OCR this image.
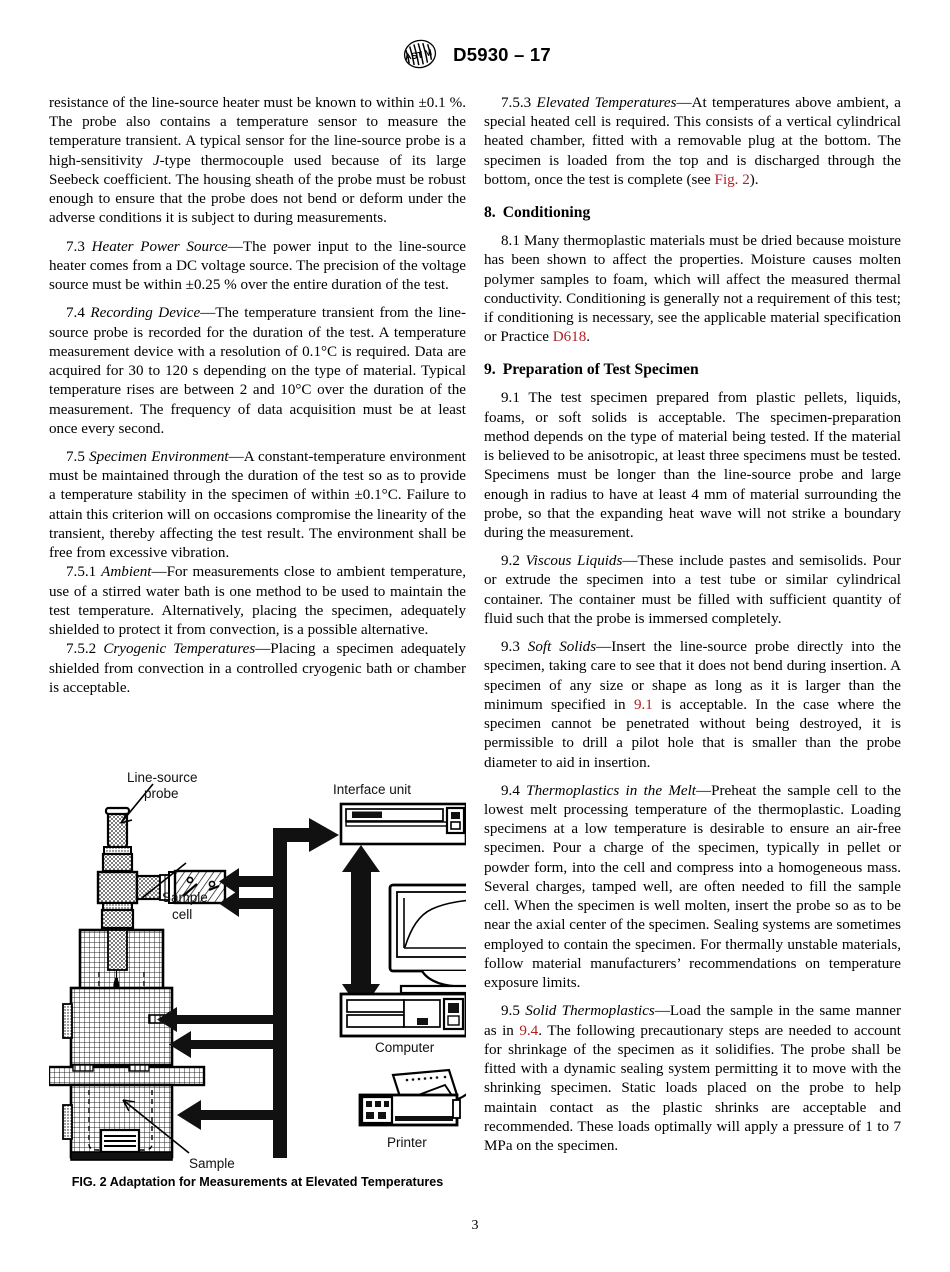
A
S
T M D5930 – 17

resistance of the line-source heater must be known to within ±0.1 %. The probe also contains a temperature sensor to measure the temperature transient. A typical sensor for the line-source probe is a high-sensitivity J-type thermocouple used because of its large Seebeck coefficient. The housing sheath of the probe must be robust enough to ensure that the probe does not bend or deform under the adverse conditions it is subject to during measurements.

7.3 Heater Power Source—The power input to the line-source heater comes from a DC voltage source. The precision of the voltage source must be within ±0.25 % over the entire duration of the test.

7.4 Recording Device—The temperature transient from the line-source probe is recorded for the duration of the test. A temperature measurement device with a resolution of 0.1°C is required. Data are acquired for 30 to 120 s depending on the type of material. Typical temperature rises are between 2 and 10°C over the duration of the measurement. The frequency of data acquisition must be at least once every second.

7.5 Specimen Environment—A constant-temperature environment must be maintained through the duration of the test so as to provide a temperature stability in the specimen of within ±0.1°C. Failure to attain this criterion will on occasions compromise the linearity of the transient, thereby affecting the test result. The environment shall be free from excessive vibration.

7.5.1 Ambient—For measurements close to ambient temperature, use of a stirred water bath is one method to be used to maintain the test temperature. Alternatively, placing the specimen, adequately shielded to protect it from convection, is a possible alternative.

7.5.2 Cryogenic Temperatures—Placing a specimen adequately shielded from convection in a controlled cryogenic bath or chamber is acceptable.

7.5.3 Elevated Temperatures—At temperatures above ambient, a special heated cell is required. This consists of a vertical cylindrical heated chamber, fitted with a removable plug at the bottom. The specimen is loaded from the top and is discharged through the bottom, once the test is complete (see Fig. 2).

8. Conditioning

8.1 Many thermoplastic materials must be dried because moisture has been shown to affect the properties. Moisture causes molten polymer samples to foam, which will affect the measured thermal conductivity. Conditioning is generally not a requirement of this test; if conditioning is necessary, see the applicable material specification or Practice D618.

9. Preparation of Test Specimen

9.1 The test specimen prepared from plastic pellets, liquids, foams, or soft solids is acceptable. The specimen-preparation method depends on the type of material being tested. If the material is believed to be anisotropic, at least three specimens must be tested. Specimens must be longer than the line-source probe and large enough in radius to have at least 4 mm of material surrounding the probe, so that the expanding heat wave will not strike a boundary during the measurement.

9.2 Viscous Liquids—These include pastes and semisolids. Pour or extrude the specimen into a test tube or similar cylindrical container. The container must be filled with sufficient quantity of fluid such that the probe is immersed completely.

9.3 Soft Solids—Insert the line-source probe directly into the specimen, taking care to see that it does not bend during insertion. A specimen of any size or shape as long as it is larger than the minimum specified in 9.1 is acceptable. In the case where the specimen cannot be penetrated without being destroyed, it is permissible to drill a pilot hole that is smaller than the probe diameter to aid in insertion.

9.4 Thermoplastics in the Melt—Preheat the sample cell to the lowest melt processing temperature of the thermoplastic. Loading specimens at a low temperature is desirable to ensure an air-free specimen. Pour a charge of the specimen, typically in pellet or powder form, into the cell and compress into a homogeneous mass. Several charges, tamped well, are often needed to fill the sample cell. When the specimen is well molten, insert the probe so as to be near the axial center of the specimen. Sealing systems are sometimes employed to contain the specimen. For thermally unstable materials, follow material manufacturers’ recommendations on temperature exposure limits.

9.5 Solid Thermoplastics—Load the sample in the same manner as in 9.4. The following precautionary steps are needed to account for shrinkage of the specimen as it solidifies. The probe shall be fitted with a dynamic sealing system permitting it to move with the shrinking specimen. Static loads placed on the probe to help maintain contact as the plastic shrinks are acceptable and recommended. These loads optimally will apply a pressure of 1 to 7 MPa on the specimen.

Line-source
probe	Interface unit
Sample
cell
Computer
Printer
Sample
FIG. 2 Adaptation for Measurements at Elevated Temperatures
3
